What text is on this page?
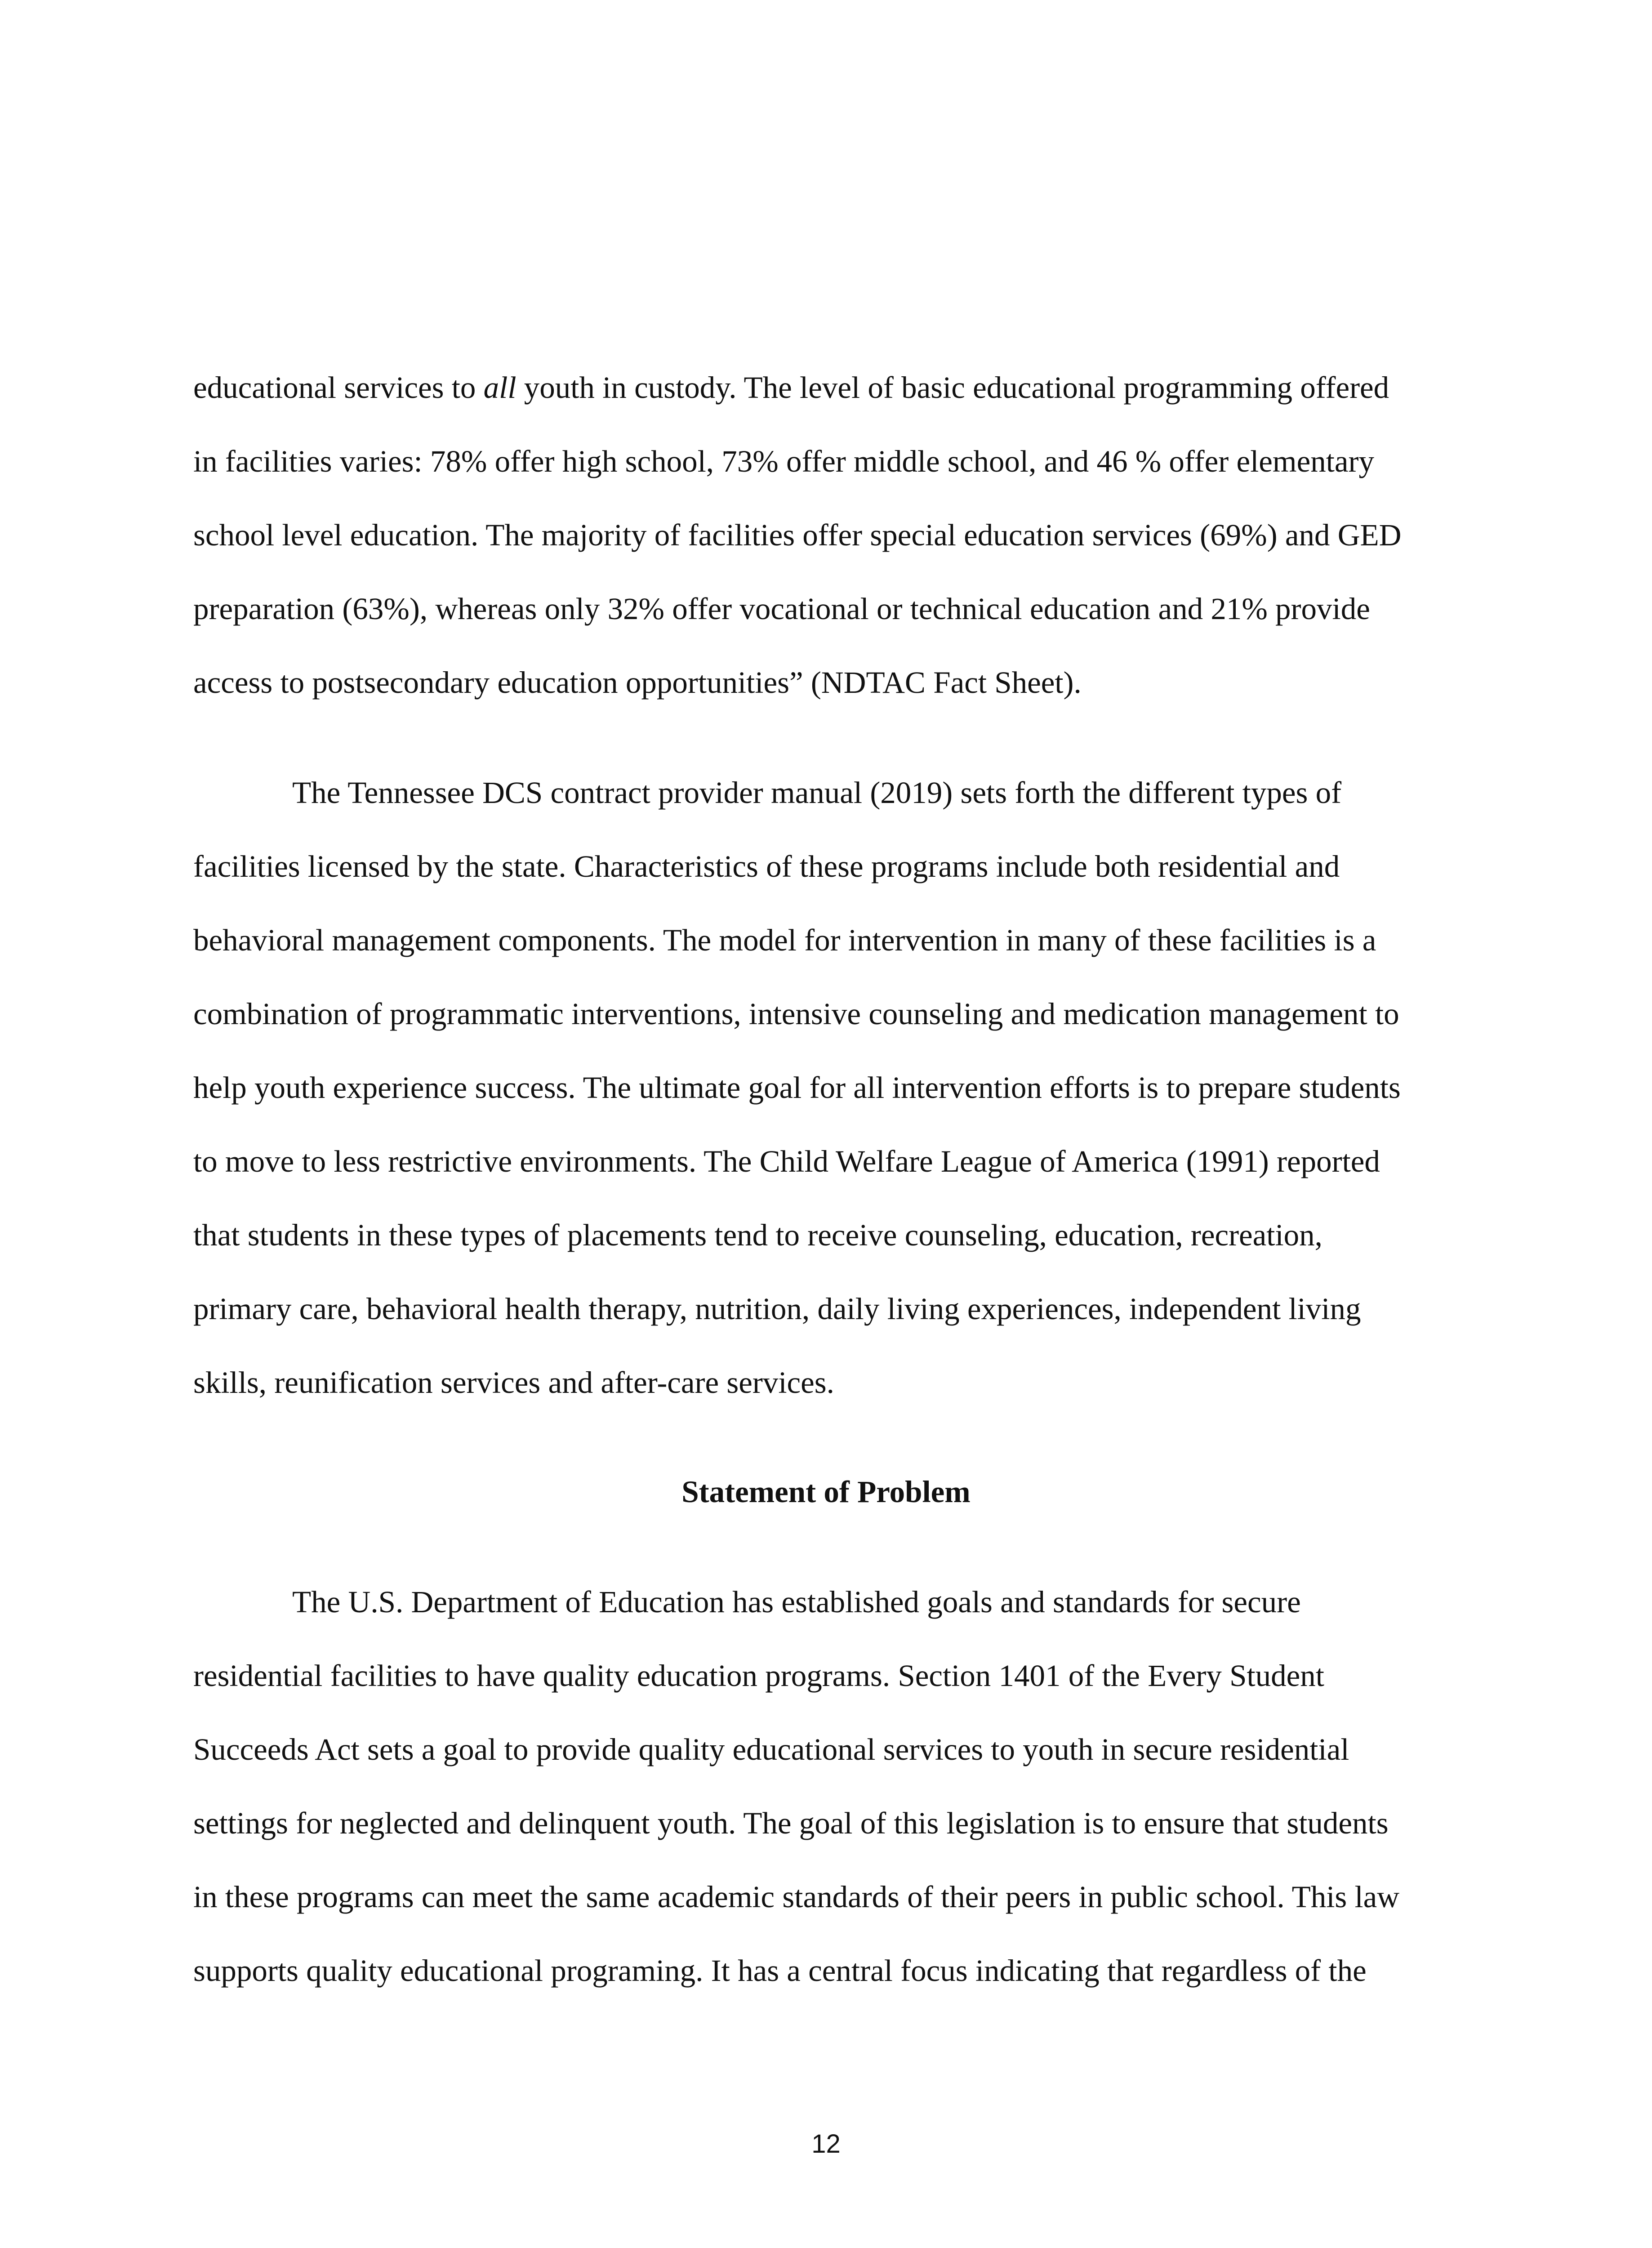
educational services to all youth in custody. The level of basic educational programming offered
in facilities varies: 78% offer high school, 73% offer middle school, and 46 % offer elementary
school level education. The majority of facilities offer special education services (69%) and GED
preparation (63%), whereas only 32% offer vocational or technical education and 21% provide
access to postsecondary education opportunities” (NDTAC Fact Sheet).
The Tennessee DCS contract provider manual (2019) sets forth the different types of
facilities licensed by the state. Characteristics of these programs include both residential and
behavioral management components. The model for intervention in many of these facilities is a
combination of programmatic interventions, intensive counseling and medication management to
help youth experience success. The ultimate goal for all intervention efforts is to prepare students
to move to less restrictive environments. The Child Welfare League of America (1991) reported
that students in these types of placements tend to receive counseling, education, recreation,
primary care, behavioral health therapy, nutrition, daily living experiences, independent living
skills, reunification services and after-care services.
Statement of Problem
The U.S. Department of Education has established goals and standards for secure
residential facilities to have quality education programs. Section 1401 of the Every Student
Succeeds Act sets a goal to provide quality educational services to youth in secure residential
settings for neglected and delinquent youth. The goal of this legislation is to ensure that students
in these programs can meet the same academic standards of their peers in public school. This law
supports quality educational programing. It has a central focus indicating that regardless of the
12
